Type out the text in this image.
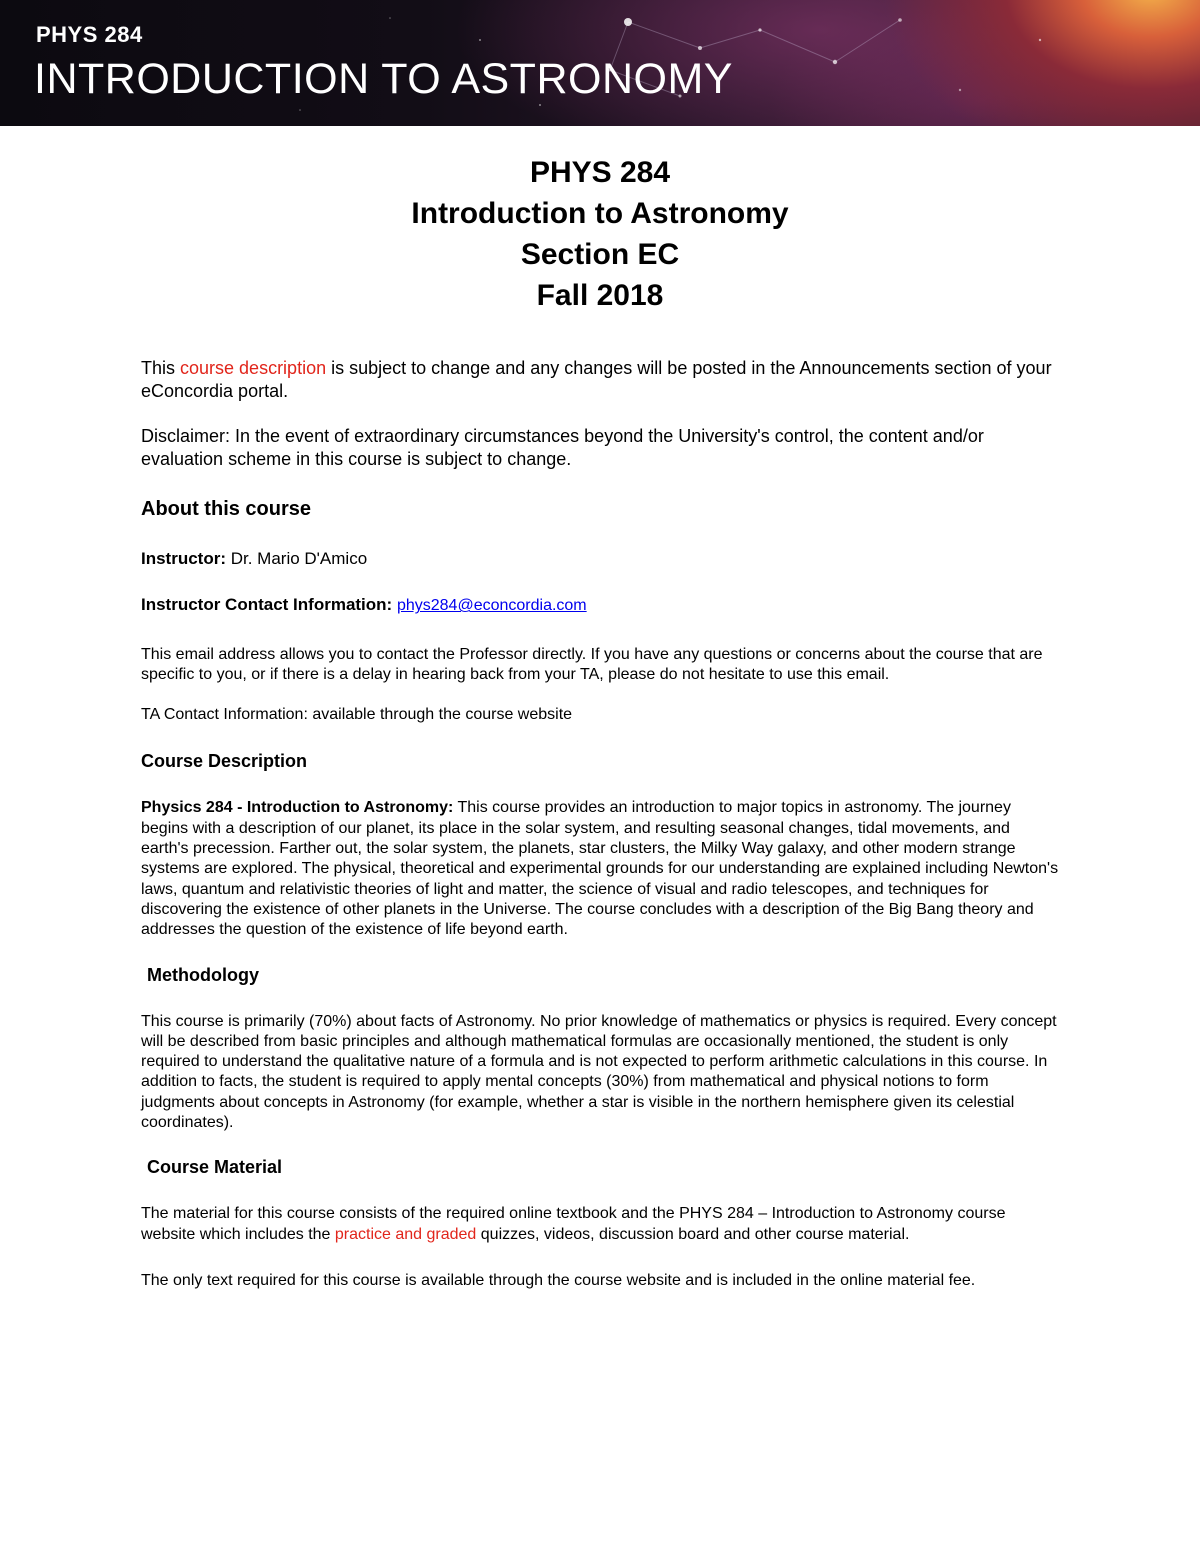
PHYS 284
INTRODUCTION TO ASTRONOMY
PHYS 284
Introduction to Astronomy
Section EC
Fall 2018

This course description is subject to change and any changes will be posted in the Announcements section of your eConcordia portal.

Disclaimer: In the event of extraordinary circumstances beyond the University's control, the content and/or evaluation scheme in this course is subject to change.

About this course

Instructor: Dr. Mario D'Amico

Instructor Contact Information: phys284@econcordia.com

This email address allows you to contact the Professor directly. If you have any questions or concerns about the course that are specific to you, or if there is a delay in hearing back from your TA, please do not hesitate to use this email.

TA Contact Information: available through the course website

Course Description

Physics 284 - Introduction to Astronomy: This course provides an introduction to major topics in astronomy. The journey begins with a description of our planet, its place in the solar system, and resulting seasonal changes, tidal movements, and earth's precession. Farther out, the solar system, the planets, star clusters, the Milky Way galaxy, and other modern strange systems are explored. The physical, theoretical and experimental grounds for our understanding are explained including Newton's laws, quantum and relativistic theories of light and matter, the science of visual and radio telescopes, and techniques for discovering the existence of other planets in the Universe. The course concludes with a description of the Big Bang theory and addresses the question of the existence of life beyond earth.

Methodology

This course is primarily (70%) about facts of Astronomy. No prior knowledge of mathematics or physics is required. Every concept will be described from basic principles and although mathematical formulas are occasionally mentioned, the student is only required to understand the qualitative nature of a formula and is not expected to perform arithmetic calculations in this course. In addition to facts, the student is required to apply mental concepts (30%) from mathematical and physical notions to form judgments about concepts in Astronomy (for example, whether a star is visible in the northern hemisphere given its celestial coordinates).

Course Material

The material for this course consists of the required online textbook and the PHYS 284 – Introduction to Astronomy course website which includes the practice and graded quizzes, videos, discussion board and other course material.

The only text required for this course is available through the course website and is included in the online material fee.
